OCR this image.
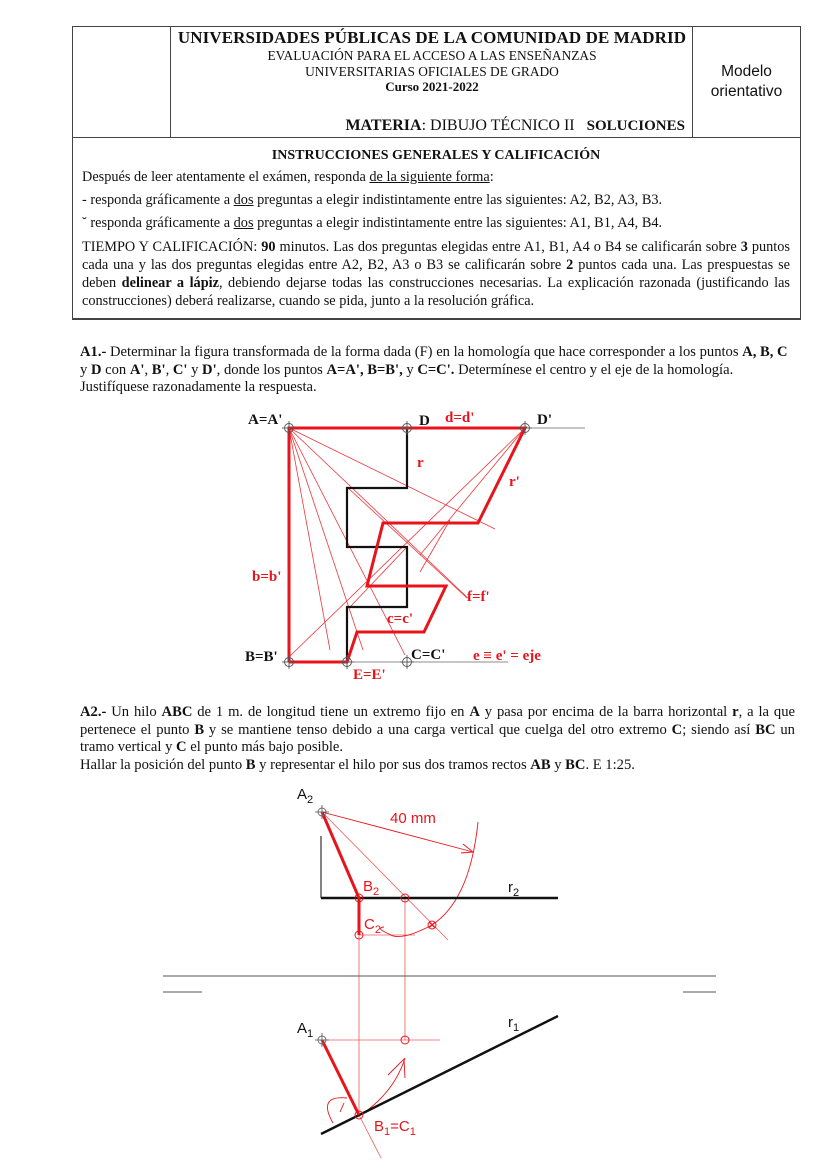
UNIVERSIDADES PÚBLICAS DE LA COMUNIDAD DE MADRID
EVALUACIÓN PARA EL ACCESO A LAS ENSEÑANZAS
UNIVERSITARIAS OFICIALES DE GRADO
Curso 2021-2022
MATERIA: DIBUJO TÉCNICO II SOLUCIONES
Modelo
orientativo
INSTRUCCIONES GENERALES Y CALIFICACIÓN

Después de leer atentamente el exámen, responda de la siguiente forma:

- responda gráficamente a dos preguntas a elegir indistintamente entre las siguientes: A2, B2, A3, B3.

˘ responda gráficamente a dos preguntas a elegir indistintamente entre las siguientes: A1, B1, A4, B4.

TIEMPO Y CALIFICACIÓN: 90 minutos. Las dos preguntas elegidas entre A1, B1, A4 o B4 se calificarán sobre 3 puntos cada una y las dos preguntas elegidas entre A2, B2, A3 o B3 se calificarán sobre 2 puntos cada una. Las prespuestas se deben delinear a lápiz, debiendo dejarse todas las construcciones necesarias. La explicación razonada (justificando las construcciones) deberá realizarse, cuando se pida, junto a la resolución gráfica.

A1.- Determinar la figura transformada de la forma dada (F) en la homología que hace corresponder a los puntos A, B, C y D con A', B', C' y D', donde los puntos A=A', B=B', y C=C'. Determínese el centro y el eje de la homología. Justifíquese razonadamente la respuesta.
A=A'	D d=d'	D'
r
r'
b=b'
f=f'
c=c'
B=B'	C=C'
E=E'
e ≡ e' = eje
A2.- Un hilo ABC de 1 m. de longitud tiene un extremo fijo en A y pasa por encima de la barra horizontal r, a la que pertenece el punto B y se mantiene tenso debido a una carga vertical que cuelga del otro extremo C; siendo así BC un tramo vertical y C el punto más bajo posible.
Hallar la posición del punto B y representar el hilo por sus dos tramos rectos AB y BC. E 1:25.
$A_2$
40 mm
$B_2$	$r_2$
$C_2$
$A_1$
$r_1$
$B_1=C_1$
